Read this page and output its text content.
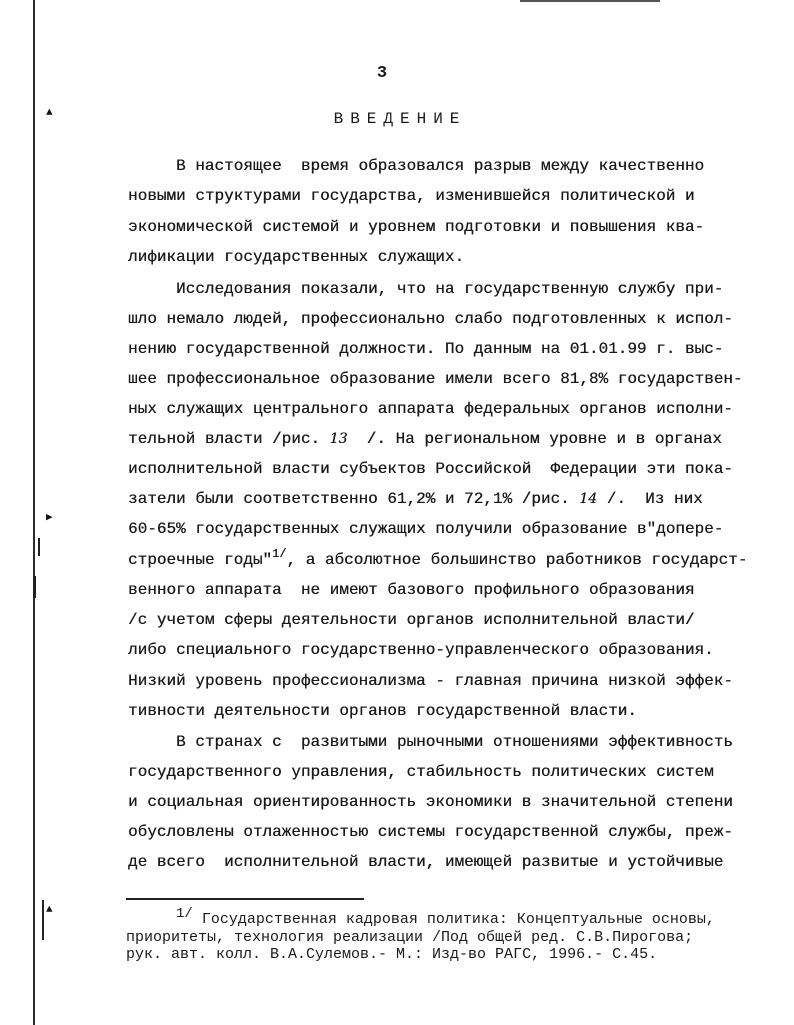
▲
▶
▲
3
ВВЕДЕНИЕ
В настоящее  время образовался разрыв между качественно
новыми структурами государства, изменившейся политической и
экономической системой и уровнем подготовки и повышения ква-
лификации государственных служащих.
Исследования показали, что на государственную службу при-
шло немало людей, профессионально слабо подготовленных к испол-
нению государственной должности. По данным на 01.01.99 г. выс-
шее профессиональное образование имели всего 81,8% государствен-
ных служащих центрального аппарата федеральных органов исполни-
тельной власти /рис. 13 /. На региональном уровне и в органах
исполнительной власти субъектов Российской  Федерации эти пока-
затели были соответственно 61,2% и 72,1% /рис. 14 /.  Из них
60-65% государственных служащих получили образование в"допере-
строечные годы"$^{1/}$, а абсолютное большинство работников государст-
венного аппарата  не имеют базового профильного образования
/с учетом сферы деятельности органов исполнительной власти/
либо специального государственно-управленческого образования.
Низкий уровень профессионализма - главная причина низкой эффек-
тивности деятельности органов государственной власти.
В странах с  развитыми рыночными отношениями эффективность
государственного управления, стабильность политических систем
и социальная ориентированность экономики в значительной степени
обусловлены отлаженностью системы государственной службы, преж-
де всего  исполнительной власти, имеющей развитые и устойчивые
1/ Государственная кадровая политика: Концептуальные основы,
приоритеты, технология реализации /Под общей ред. С.В.Пирогова;
рук. авт. колл. В.А.Сулемов.- М.: Изд-во РАГС, 1996.- С.45.
